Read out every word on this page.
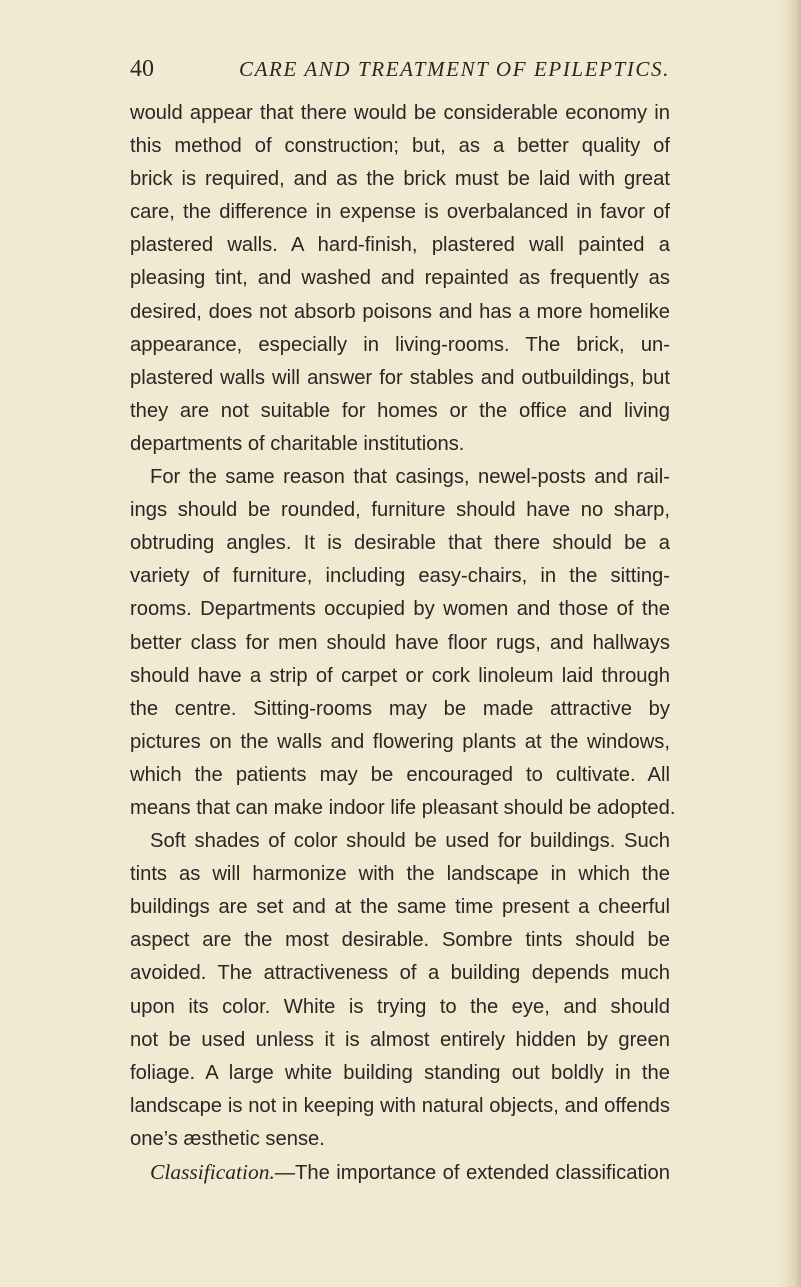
40	CARE AND TREATMENT OF EPILEPTICS.
would appear that there would be considerable economy in
this method of construction; but, as a better quality of
brick is required, and as the brick must be laid with great
care, the difference in expense is overbalanced in favor of
plastered walls. A hard-finish, plastered wall painted a
pleasing tint, and washed and repainted as frequently as
desired, does not absorb poisons and has a more homelike
appearance, especially in living-rooms. The brick, un-
plastered walls will answer for stables and outbuildings, but
they are not suitable for homes or the office and living
departments of charitable institutions.
For the same reason that casings, newel-posts and rail-
ings should be rounded, furniture should have no sharp,
obtruding angles. It is desirable that there should be a
variety of furniture, including easy-chairs, in the sitting-
rooms. Departments occupied by women and those of the
better class for men should have floor rugs, and hallways
should have a strip of carpet or cork linoleum laid through
the centre. Sitting-rooms may be made attractive by
pictures on the walls and flowering plants at the windows,
which the patients may be encouraged to cultivate. All
means that can make indoor life pleasant should be adopted.
Soft shades of color should be used for buildings. Such
tints as will harmonize with the landscape in which the
buildings are set and at the same time present a cheerful
aspect are the most desirable. Sombre tints should be
avoided. The attractiveness of a building depends much
upon its color. White is trying to the eye, and should
not be used unless it is almost entirely hidden by green
foliage. A large white building standing out boldly in the
landscape is not in keeping with natural objects, and offends
one’s æsthetic sense.
Classification.—The importance of extended classification
